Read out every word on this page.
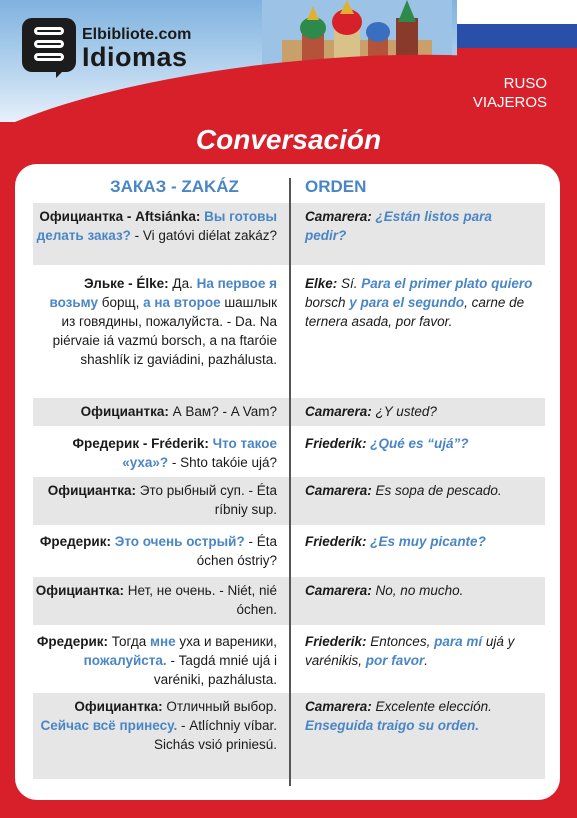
Elbibliote.com
Idiomas
RUSO
VIAJEROS
Conversación
ЗАКАЗ - ZAKÁZ	ORDEN
Официантка - Aftsiánka: Вы готовы делать заказ? - Vi gatóvi diélat zakáz?
Camarera: ¿Están listos para pedir?
Эльке - Élke: Да. На первое я возьму борщ, а на второе шашлык из говядины, пожалуйста. - Da. Na piérvaie iá vazmú borsch, a na ftaróie shashlík iz gaviádini, pazhálusta.
Elke: Sí. Para el primer plato quiero borsch y para el segundo, carne de ternera asada, por favor.
Официантка: А Вам? - A Vam? Camarera: ¿Y usted?
Фредерик - Fréderik: Что такое «уха»? - Shto takóie ujá?
Friederik: ¿Qué es “ujá”?
Официантка: Это рыбный суп. - Éta ríbniy sup.
Camarera: Es sopa de pescado.
Фредерик: Это очень острый? - Éta óchen óstriy?
Friederik: ¿Es muy picante?
Официантка: Нет, не очень. - Niét, nié óchen.
Camarera: No, no mucho.
Фредерик: Тогда мне уха и вареники, пожалуйста. - Tagdá mnié ujá i varéniki, pazhálusta.
Friederik: Entonces, para mí ujá y varénikis, por favor.
Официантка: Отличный выбор. Сейчас всё принесу. - Atlíchniy víbar. Sichás vsió priniesú.
Camarera: Excelente elección. Enseguida traigo su orden.
